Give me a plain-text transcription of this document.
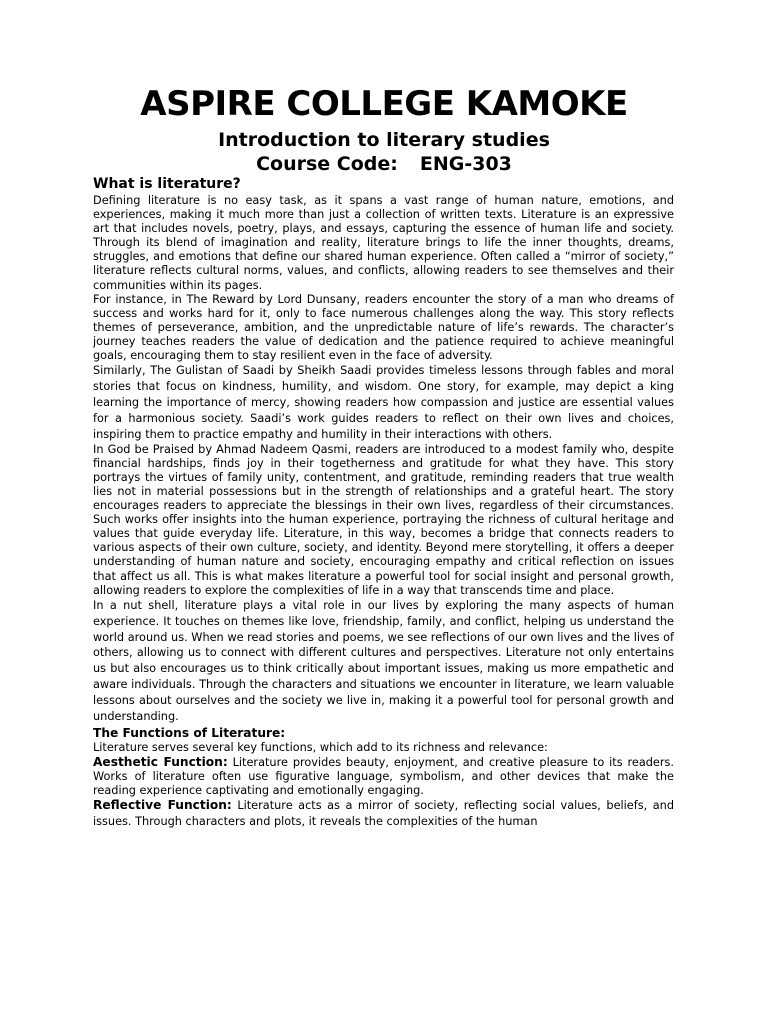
ASPIRE COLLEGE KAMOKE
Introduction to literary studies
Course Code: ENG-303
What is literature?

Defining literature is no easy task, as it spans a vast range of human nature, emotions, and experiences, making it much more than just a collection of written texts. Literature is an expressive art that includes novels, poetry, plays, and essays, capturing the essence of human life and society. Through its blend of imagination and reality, literature brings to life the inner thoughts, dreams, struggles, and emotions that define our shared human experience. Often called a “mirror of society,” literature reflects cultural norms, values, and conflicts, allowing readers to see themselves and their communities within its pages.

For instance, in The Reward by Lord Dunsany, readers encounter the story of a man who dreams of success and works hard for it, only to face numerous challenges along the way. This story reflects themes of perseverance, ambition, and the unpredictable nature of life’s rewards. The character’s journey teaches readers the value of dedication and the patience required to achieve meaningful goals, encouraging them to stay resilient even in the face of adversity.

Similarly, The Gulistan of Saadi by Sheikh Saadi provides timeless lessons through fables and moral stories that focus on kindness, humility, and wisdom. One story, for example, may depict a king learning the importance of mercy, showing readers how compassion and justice are essential values for a harmonious society. Saadi’s work guides readers to reflect on their own lives and choices, inspiring them to practice empathy and humility in their interactions with others.

In God be Praised by Ahmad Nadeem Qasmi, readers are introduced to a modest family who, despite financial hardships, finds joy in their togetherness and gratitude for what they have. This story portrays the virtues of family unity, contentment, and gratitude, reminding readers that true wealth lies not in material possessions but in the strength of relationships and a grateful heart. The story encourages readers to appreciate the blessings in their own lives, regardless of their circumstances. Such works offer insights into the human experience, portraying the richness of cultural heritage and values that guide everyday life. Literature, in this way, becomes a bridge that connects readers to various aspects of their own culture, society, and identity. Beyond mere storytelling, it offers a deeper understanding of human nature and society, encouraging empathy and critical reflection on issues that affect us all. This is what makes literature a powerful tool for social insight and personal growth, allowing readers to explore the complexities of life in a way that transcends time and place.

In a nut shell, literature plays a vital role in our lives by exploring the many aspects of human experience. It touches on themes like love, friendship, family, and conflict, helping us understand the world around us. When we read stories and poems, we see reflections of our own lives and the lives of others, allowing us to connect with different cultures and perspectives. Literature not only entertains us but also encourages us to think critically about important issues, making us more empathetic and aware individuals. Through the characters and situations we encounter in literature, we learn valuable lessons about ourselves and the society we live in, making it a powerful tool for personal growth and understanding.

The Functions of Literature:

Literature serves several key functions, which add to its richness and relevance:

Aesthetic Function: Literature provides beauty, enjoyment, and creative pleasure to its readers. Works of literature often use figurative language, symbolism, and other devices that make the reading experience captivating and emotionally engaging.

Reflective Function: Literature acts as a mirror of society, reflecting social values, beliefs, and issues. Through characters and plots, it reveals the complexities of the human
